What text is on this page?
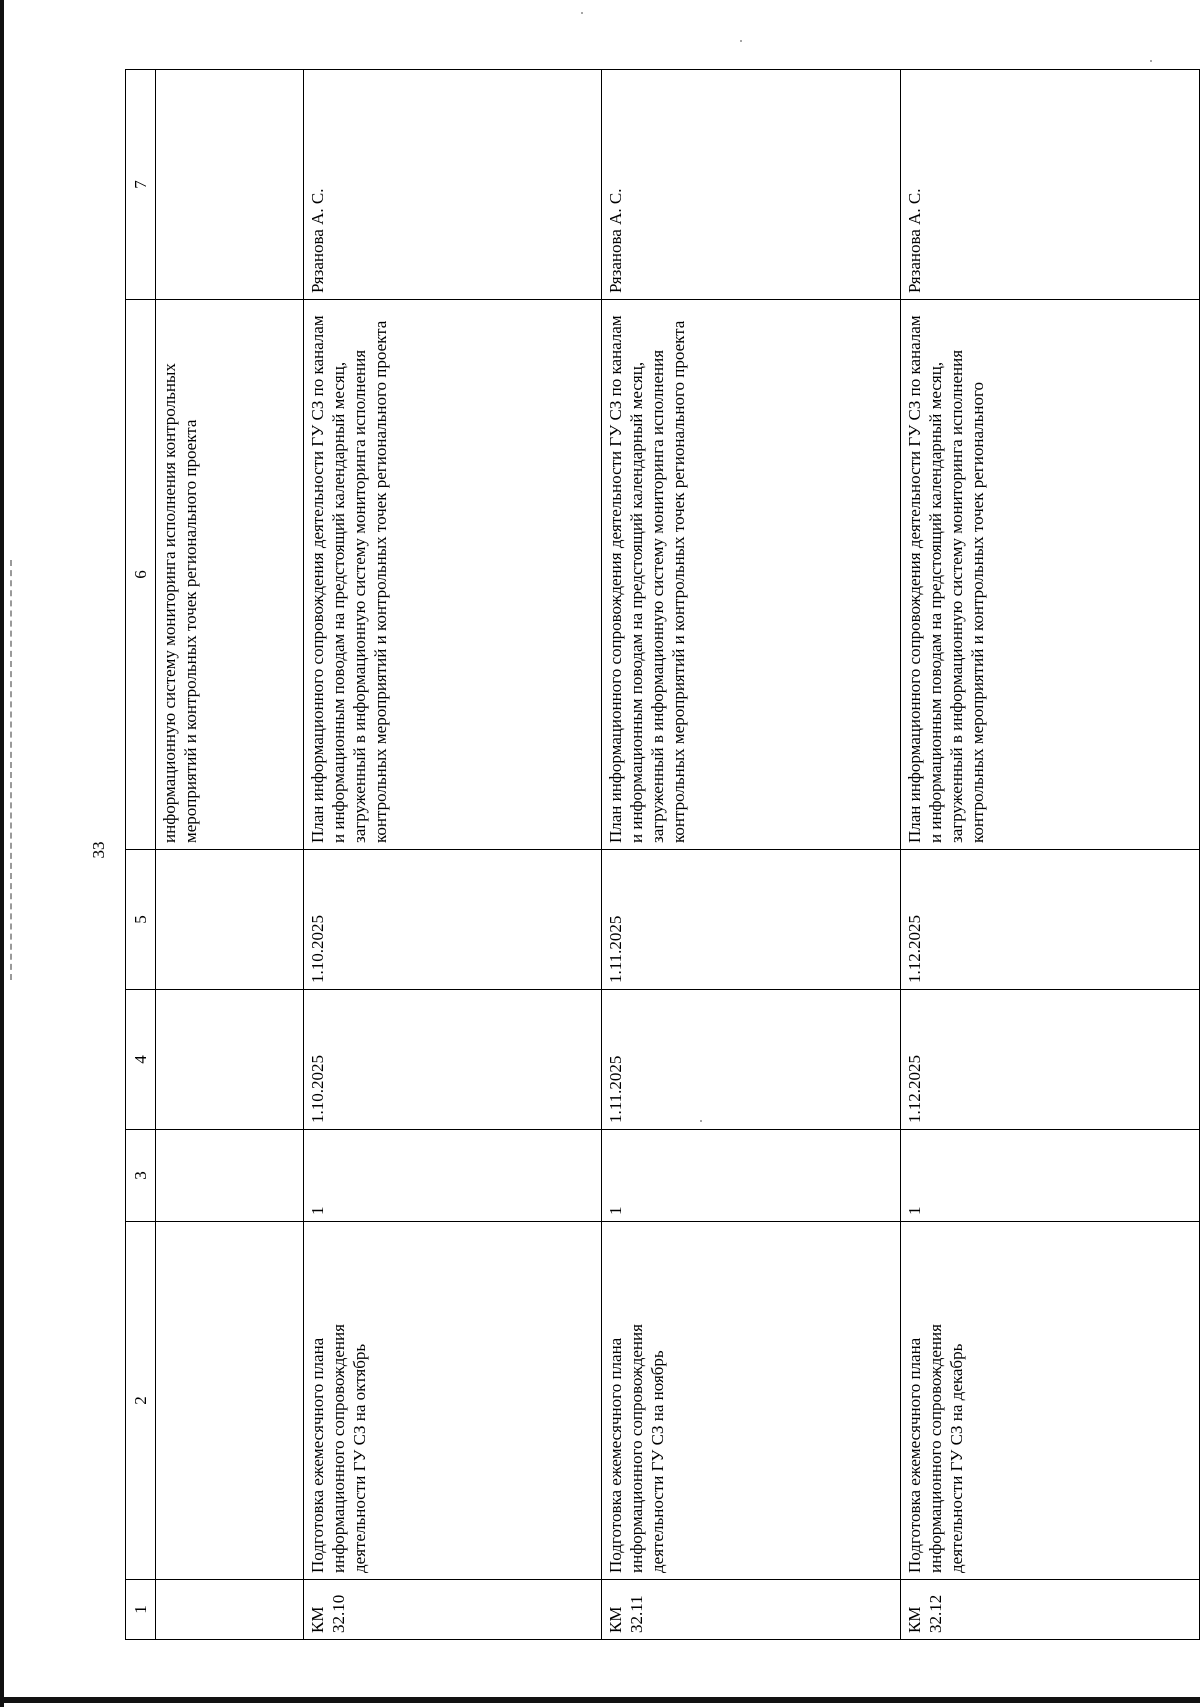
33
1	2	3	4	5	6	7
					информационную систему мониторинга исполнения контрольных мероприятий и контрольных точек регионального проекта	
КМ 32.10	Подготовка ежемесячного плана информационного сопровождения деятельности ГУ СЗ на октябрь	1	1.10.2025	1.10.2025	План информационного сопровождения деятельности ГУ СЗ по каналам и информационным поводам на предстоящий календарный месяц, загруженный в информационную систему мониторинга исполнения контрольных мероприятий и контрольных точек регионального проекта	Рязанова А. С.
КМ 32.11	Подготовка ежемесячного плана информационного сопровождения деятельности ГУ СЗ на ноябрь	1	1.11.2025	1.11.2025	План информационного сопровождения деятельности ГУ СЗ по каналам и информационным поводам на предстоящий календарный месяц, загруженный в информационную систему мониторинга исполнения контрольных мероприятий и контрольных точек регионального проекта	Рязанова А. С.
КМ 32.12	Подготовка ежемесячного плана информационного сопровождения деятельности ГУ СЗ на декабрь	1	1.12.2025	1.12.2025	План информационного сопровождения деятельности ГУ СЗ по каналам и информационным поводам на предстоящий календарный месяц, загруженный в информационную систему мониторинга исполнения контрольных мероприятий и контрольных точек регионального	Рязанова А. С.
